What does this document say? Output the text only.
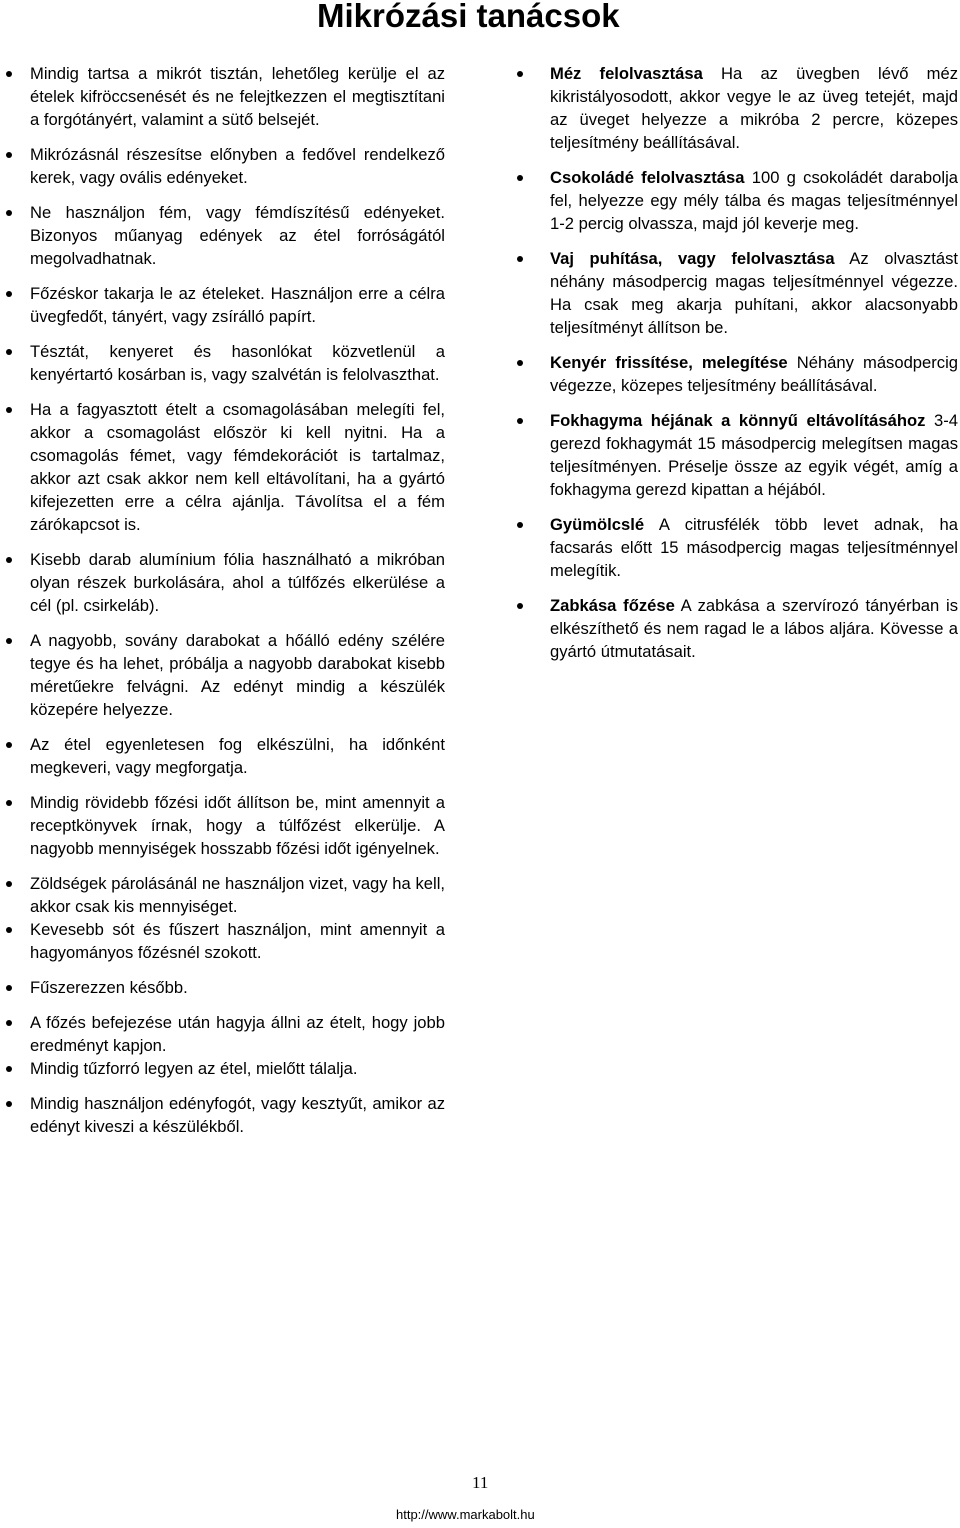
Mikrózási tanácsok
Mindig tartsa a mikrót tisztán, lehetőleg kerülje el az ételek kifröccsenését és ne felejtkezzen el megtisztítani a forgótányért, valamint a sütő belsejét.
Mikrózásnál részesítse előnyben a fedővel rendelkező kerek, vagy ovális edényeket.
Ne használjon fém, vagy fémdíszítésű edényeket. Bizonyos műanyag edények az étel forróságától megolvadhatnak.
Főzéskor takarja le az ételeket. Használjon erre a célra üvegfedőt, tányért, vagy zsírálló papírt.
Tésztát, kenyeret és hasonlókat közvetlenül a kenyértartó kosárban is, vagy szalvétán is felolvaszthat.
Ha a fagyasztott ételt a csomagolásában melegíti fel, akkor a csomagolást először ki kell nyitni. Ha a csomagolás fémet, vagy fémdekorációt is tartalmaz, akkor azt csak akkor nem kell eltávolítani, ha a gyártó kifejezetten erre a célra ajánlja. Távolítsa el a fém zárókapcsot is.
Kisebb darab alumínium fólia használható a mikróban olyan részek burkolására, ahol a túlfőzés elkerülése a cél (pl. csirkeláb).
A nagyobb, sovány darabokat a hőálló edény szélére tegye és ha lehet, próbálja a nagyobb darabokat kisebb méretűekre felvágni. Az edényt mindig a készülék közepére helyezze.
Az étel egyenletesen fog elkészülni, ha időnként megkeveri, vagy megforgatja.
Mindig rövidebb főzési időt állítson be, mint amennyit a receptkönyvek írnak, hogy a túlfőzést elkerülje. A nagyobb mennyiségek hosszabb főzési időt igényelnek.
Zöldségek párolásánál ne használjon vizet, vagy ha kell, akkor csak kis mennyiséget.
Kevesebb sót és fűszert használjon, mint amennyit a hagyományos főzésnél szokott.
Fűszerezzen később.
A főzés befejezése után hagyja állni az ételt, hogy jobb eredményt kapjon.
Mindig tűzforró legyen az étel, mielőtt tálalja.
Mindig használjon edényfogót, vagy kesztyűt, amikor az edényt kiveszi a készülékből.
Méz felolvasztása Ha az üvegben lévő méz kikristályosodott, akkor vegye le az üveg tetejét, majd az üveget helyezze a mikróba 2 percre, közepes teljesítmény beállításával.
Csokoládé felolvasztása 100 g csokoládét darabolja fel, helyezze egy mély tálba és magas teljesítménnyel 1-2 percig olvassza, majd jól keverje meg.
Vaj puhítása, vagy felolvasztása Az olvasztást néhány másodpercig magas teljesítménnyel végezze. Ha csak meg akarja puhítani, akkor alacsonyabb teljesítményt állítson be.
Kenyér frissítése, melegítése Néhány másodpercig végezze, közepes teljesítmény beállításával.
Fokhagyma héjának a könnyű eltávolításához 3-4 gerezd fokhagymát 15 másodpercig melegítsen magas teljesítményen. Préselje össze az egyik végét, amíg a fokhagyma gerezd kipattan a héjából.
Gyümölcslé A citrusfélék több levet adnak, ha facsarás előtt 15 másodpercig magas teljesítménnyel melegítik.
Zabkása főzése A zabkása a szervírozó tányérban is elkészíthető és nem ragad le a lábos aljára. Kövesse a gyártó útmutatásait.
11
http://www.markabolt.hu
